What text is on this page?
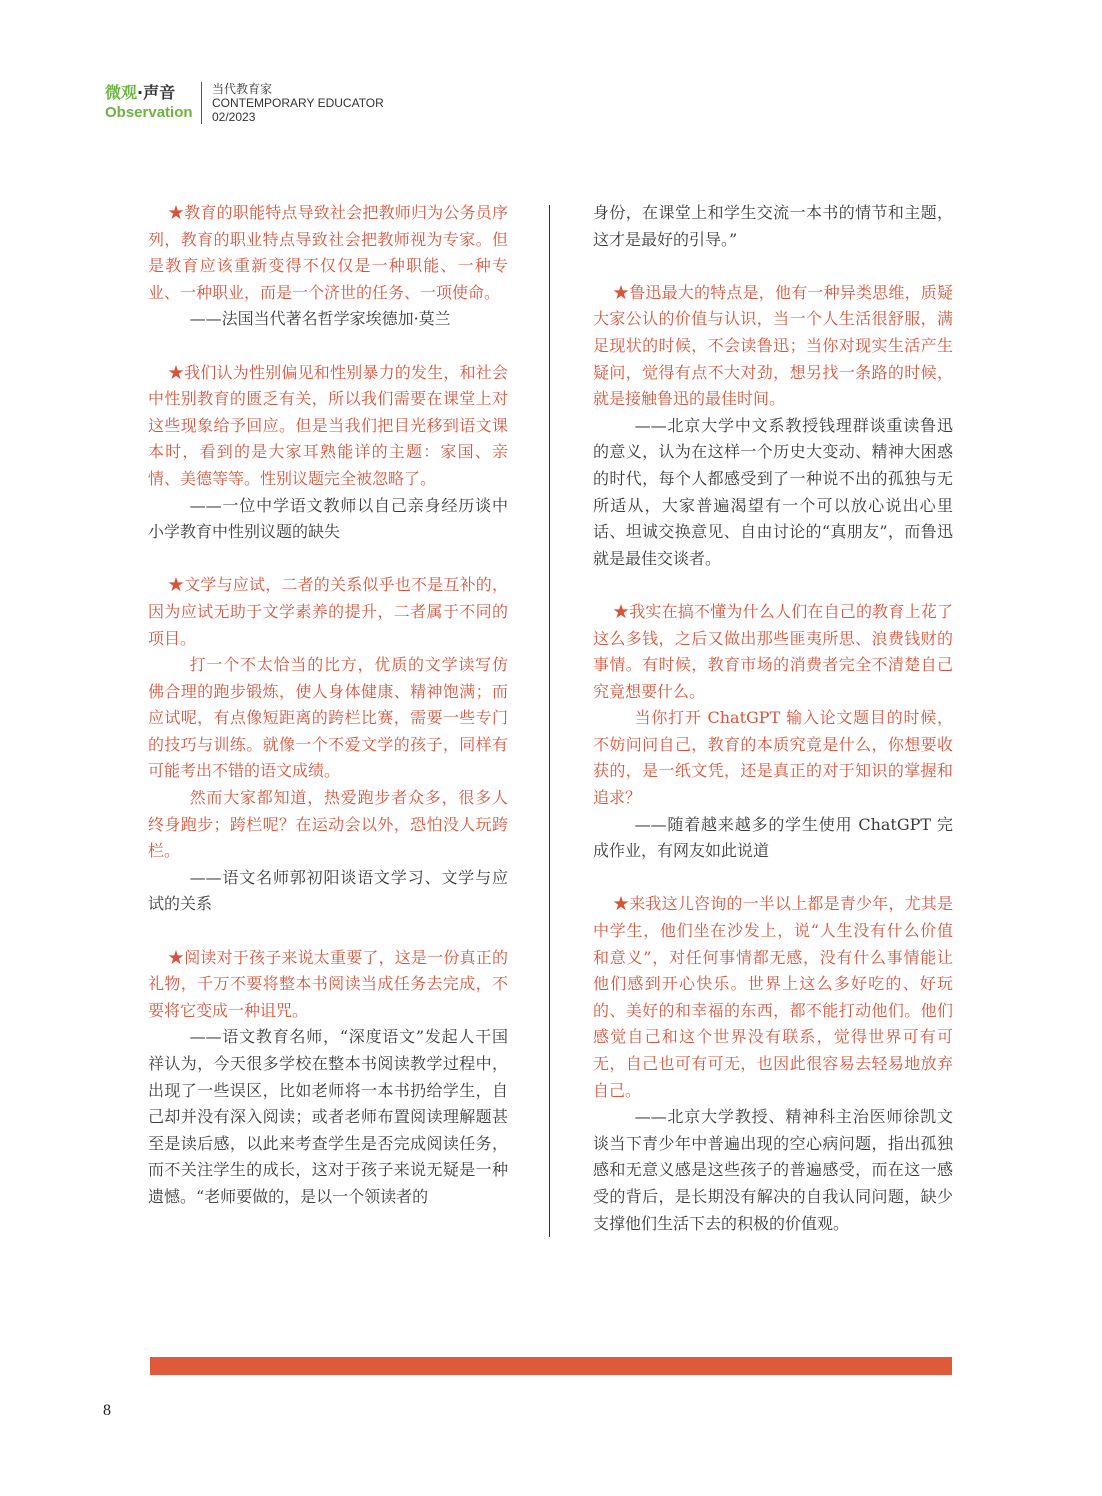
微观·声音
Observation
当代教育家
CONTEMPORARY EDUCATOR
02/2023

★教育的职能特点导致社会把教师归为公务员序列，教育的职业特点导致社会把教师视为专家。但是教育应该重新变得不仅仅是一种职能、一种专业、一种职业，而是一个济世的任务、一项使命。

——法国当代著名哲学家埃德加·莫兰

★我们认为性别偏见和性别暴力的发生，和社会中性别教育的匮乏有关，所以我们需要在课堂上对这些现象给予回应。但是当我们把目光移到语文课本时，看到的是大家耳熟能详的主题：家国、亲情、美德等等。性别议题完全被忽略了。

——一位中学语文教师以自己亲身经历谈中小学教育中性别议题的缺失

★文学与应试，二者的关系似乎也不是互补的，因为应试无助于文学素养的提升，二者属于不同的项目。

打一个不太恰当的比方，优质的文学读写仿佛合理的跑步锻炼，使人身体健康、精神饱满；而应试呢，有点像短距离的跨栏比赛，需要一些专门的技巧与训练。就像一个不爱文学的孩子，同样有可能考出不错的语文成绩。

然而大家都知道，热爱跑步者众多，很多人终身跑步；跨栏呢？在运动会以外，恐怕没人玩跨栏。

——语文名师郭初阳谈语文学习、文学与应试的关系

★阅读对于孩子来说太重要了，这是一份真正的礼物，千万不要将整本书阅读当成任务去完成，不要将它变成一种诅咒。

——语文教育名师，“深度语文”发起人干国祥认为，今天很多学校在整本书阅读教学过程中，出现了一些误区，比如老师将一本书扔给学生，自己却并没有深入阅读；或者老师布置阅读理解题甚至是读后感，以此来考查学生是否完成阅读任务，而不关注学生的成长，这对于孩子来说无疑是一种遗憾。“老师要做的，是以一个领读者的

身份，在课堂上和学生交流一本书的情节和主题，这才是最好的引导。”

★鲁迅最大的特点是，他有一种异类思维，质疑大家公认的价值与认识，当一个人生活很舒服，满足现状的时候，不会读鲁迅；当你对现实生活产生疑问，觉得有点不大对劲，想另找一条路的时候，就是接触鲁迅的最佳时间。

——北京大学中文系教授钱理群谈重读鲁迅的意义，认为在这样一个历史大变动、精神大困惑的时代，每个人都感受到了一种说不出的孤独与无所适从，大家普遍渴望有一个可以放心说出心里话、坦诚交换意见、自由讨论的“真朋友”，而鲁迅就是最佳交谈者。

★我实在搞不懂为什么人们在自己的教育上花了这么多钱，之后又做出那些匪夷所思、浪费钱财的事情。有时候，教育市场的消费者完全不清楚自己究竟想要什么。

当你打开 ChatGPT 输入论文题目的时候，不妨问问自己，教育的本质究竟是什么，你想要收获的，是一纸文凭，还是真正的对于知识的掌握和追求？

——随着越来越多的学生使用 ChatGPT 完成作业，有网友如此说道

★来我这儿咨询的一半以上都是青少年，尤其是中学生，他们坐在沙发上，说“人生没有什么价值和意义”，对任何事情都无感，没有什么事情能让他们感到开心快乐。世界上这么多好吃的、好玩的、美好的和幸福的东西，都不能打动他们。他们感觉自己和这个世界没有联系，觉得世界可有可无，自己也可有可无，也因此很容易去轻易地放弃自己。

——北京大学教授、精神科主治医师徐凯文谈当下青少年中普遍出现的空心病问题，指出孤独感和无意义感是这些孩子的普遍感受，而在这一感受的背后，是长期没有解决的自我认同问题，缺少支撑他们生活下去的积极的价值观。

8
